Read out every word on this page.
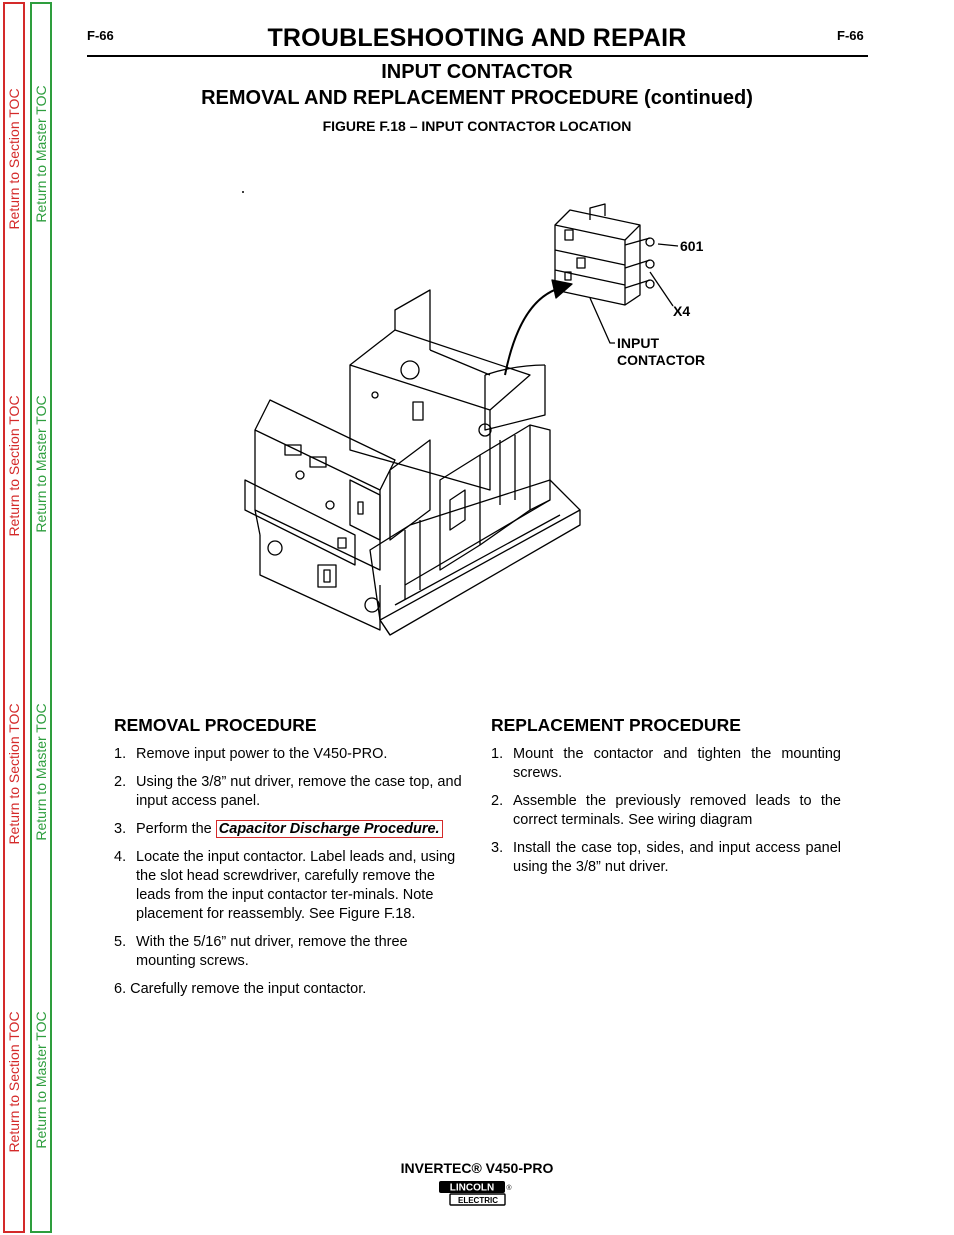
Return to Section TOC
Return to Section TOC
Return to Section TOC
Return to Section TOC
Return to Master TOC
Return to Master TOC
Return to Master TOC
Return to Master TOC
F-66	F-66
TROUBLESHOOTING AND REPAIR
INPUT CONTACTOR
REMOVAL AND REPLACEMENT PROCEDURE (continued)
FIGURE F.18 – INPUT CONTACTOR LOCATION
601
X4
INPUT
CONTACTOR
REMOVAL PROCEDURE
1. Remove input power to the V450-PRO.
2. Using the 3/8” nut driver, remove the case top, and input access panel.
3. Perform the Capacitor Discharge Procedure.
4. Locate the input contactor. Label leads and, using the slot head screwdriver, carefully remove the leads from the input contactor ter-minals. Note placement for reassembly. See Figure F.18.
5. With the 5/16” nut driver, remove the three mounting screws.
6. Carefully remove the input contactor.
REPLACEMENT PROCEDURE
1. Mount the contactor and tighten the mounting screws.
2. Assemble the previously removed leads to the correct terminals. See wiring diagram
3. Install the case top, sides, and input access panel using the 3/8” nut driver.
INVERTEC® V450-PRO
LINCOLN
ELECTRIC
®
